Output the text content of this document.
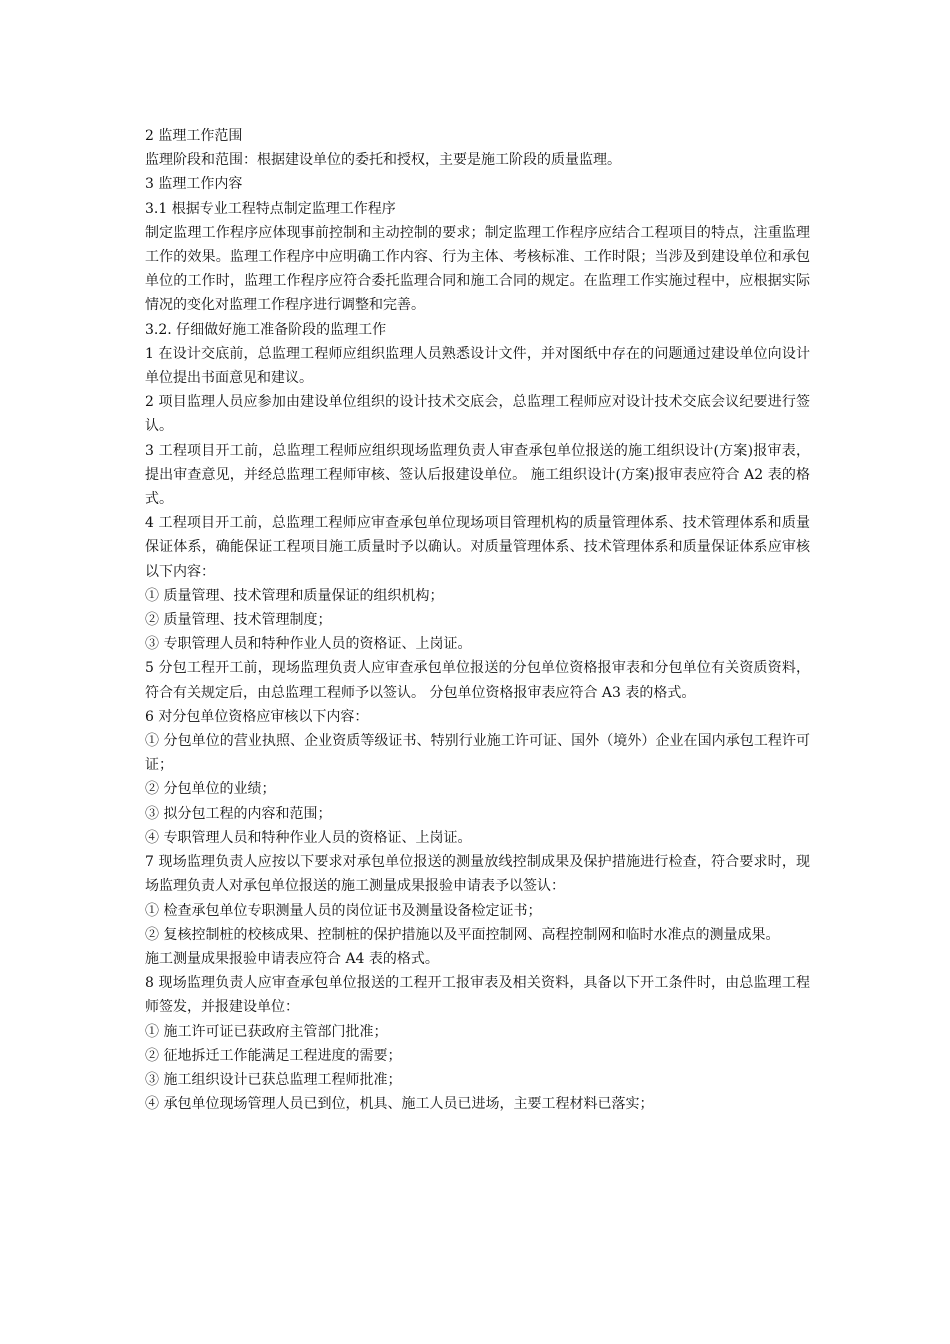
2 监理工作范围

监理阶段和范围：根据建设单位的委托和授权，主要是施工阶段的质量监理。

3 监理工作内容

3.1 根据专业工程特点制定监理工作程序

制定监理工作程序应体现事前控制和主动控制的要求；制定监理工作程序应结合工程项目的特点，注重监理工作的效果。监理工作程序中应明确工作内容、行为主体、考核标准、工作时限；当涉及到建设单位和承包单位的工作时，监理工作程序应符合委托监理合同和施工合同的规定。在监理工作实施过程中，应根据实际情况的变化对监理工作程序进行调整和完善。

3.2. 仔细做好施工准备阶段的监理工作

1 在设计交底前，总监理工程师应组织监理人员熟悉设计文件，并对图纸中存在的问题通过建设单位向设计单位提出书面意见和建议。

2 项目监理人员应参加由建设单位组织的设计技术交底会，总监理工程师应对设计技术交底会议纪要进行签认。

3 工程项目开工前，总监理工程师应组织现场监理负责人审查承包单位报送的施工组织设计(方案)报审表，提出审查意见，并经总监理工程师审核、签认后报建设单位。 施工组织设计(方案)报审表应符合 A2 表的格式。

4 工程项目开工前，总监理工程师应审查承包单位现场项目管理机构的质量管理体系、技术管理体系和质量保证体系，确能保证工程项目施工质量时予以确认。对质量管理体系、技术管理体系和质量保证体系应审核以下内容：

① 质量管理、技术管理和质量保证的组织机构；

② 质量管理、技术管理制度；

③ 专职管理人员和特种作业人员的资格证、上岗证。

5 分包工程开工前，现场监理负责人应审查承包单位报送的分包单位资格报审表和分包单位有关资质资料，符合有关规定后，由总监理工程师予以签认。 分包单位资格报审表应符合 A3 表的格式。

6 对分包单位资格应审核以下内容：

① 分包单位的营业执照、企业资质等级证书、特别行业施工许可证、国外（境外）企业在国内承包工程许可证；

② 分包单位的业绩；

③ 拟分包工程的内容和范围；

④ 专职管理人员和特种作业人员的资格证、上岗证。

7 现场监理负责人应按以下要求对承包单位报送的测量放线控制成果及保护措施进行检查，符合要求时，现场监理负责人对承包单位报送的施工测量成果报验申请表予以签认：

① 检查承包单位专职测量人员的岗位证书及测量设备检定证书；

② 复核控制桩的校核成果、控制桩的保护措施以及平面控制网、高程控制网和临时水准点的测量成果。

施工测量成果报验申请表应符合 A4 表的格式。

8 现场监理负责人应审查承包单位报送的工程开工报审表及相关资料，具备以下开工条件时，由总监理工程师签发，并报建设单位：

① 施工许可证已获政府主管部门批准；

② 征地拆迁工作能满足工程进度的需要；

③ 施工组织设计已获总监理工程师批准；

④ 承包单位现场管理人员已到位，机具、施工人员已进场，主要工程材料已落实；
